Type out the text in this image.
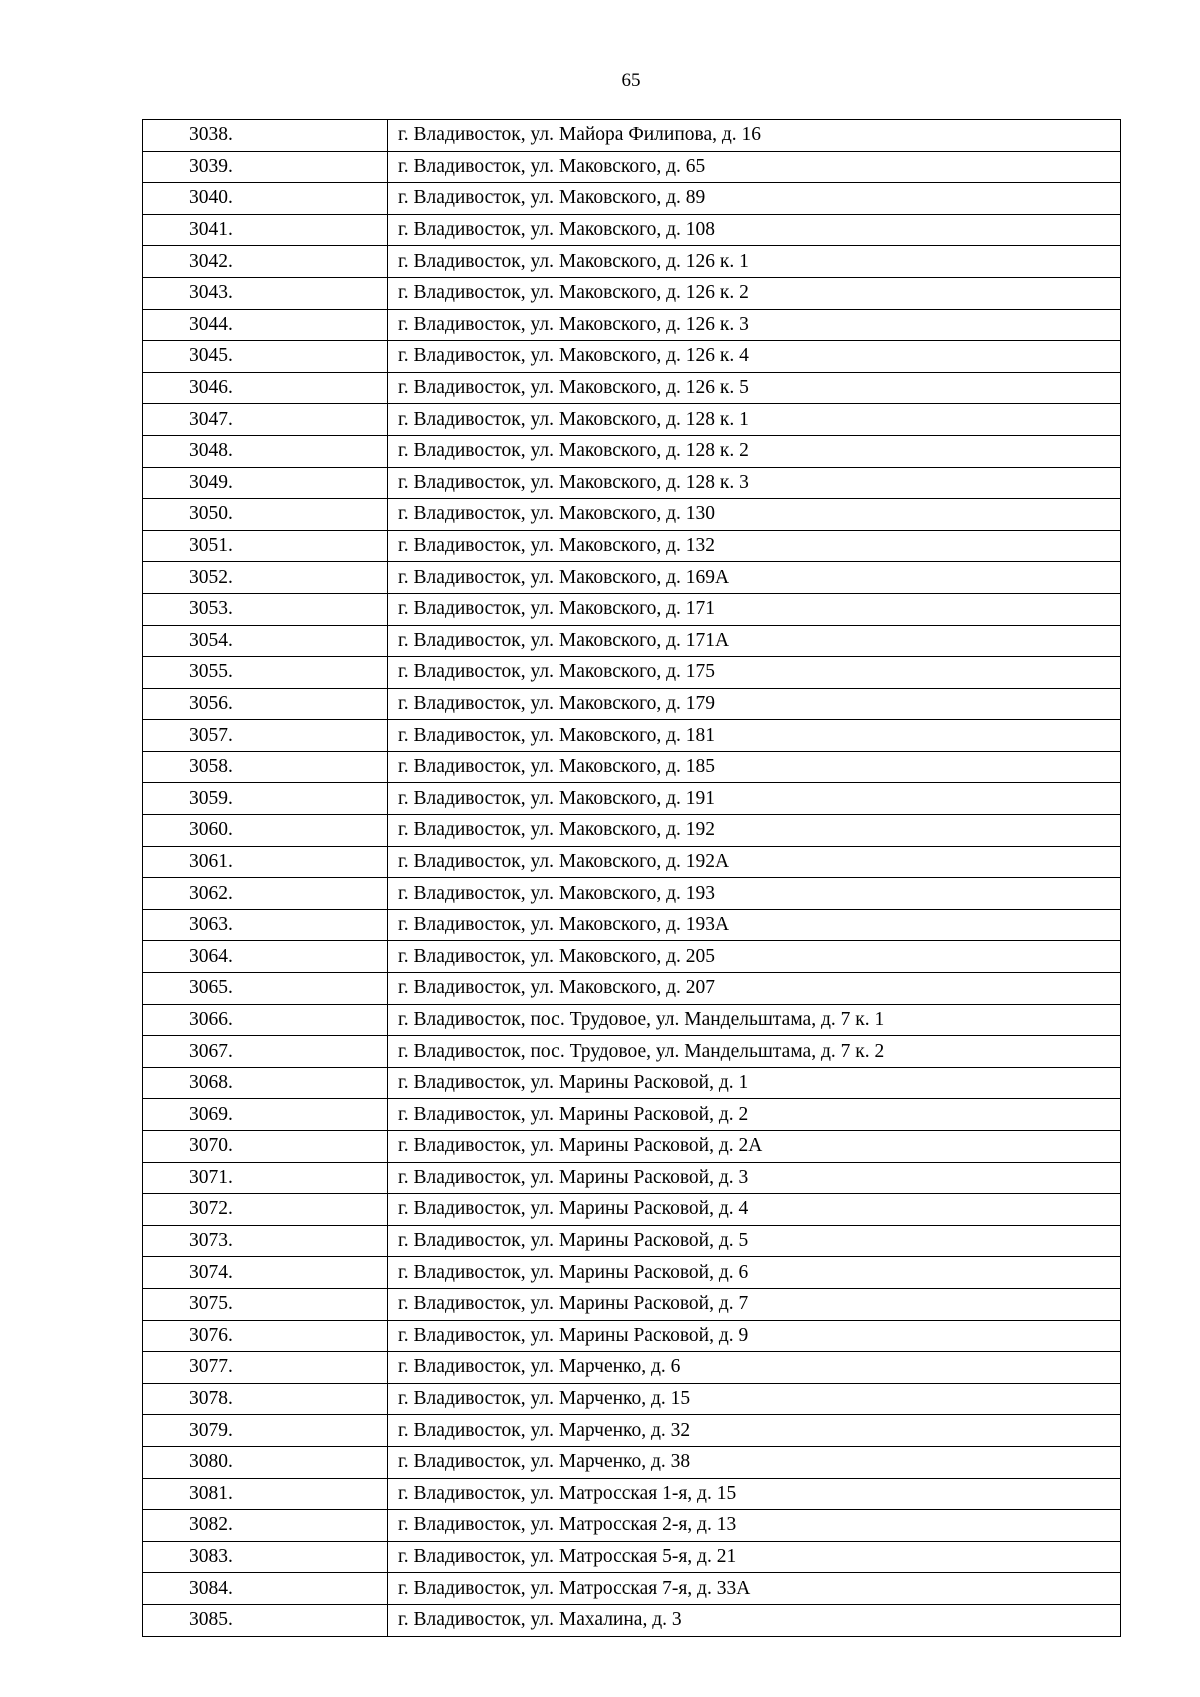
65
3038.	г. Владивосток, ул. Майора Филипова, д. 16
3039.	г. Владивосток, ул. Маковского, д. 65
3040.	г. Владивосток, ул. Маковского, д. 89
3041.	г. Владивосток, ул. Маковского, д. 108
3042.	г. Владивосток, ул. Маковского, д. 126 к. 1
3043.	г. Владивосток, ул. Маковского, д. 126 к. 2
3044.	г. Владивосток, ул. Маковского, д. 126 к. 3
3045.	г. Владивосток, ул. Маковского, д. 126 к. 4
3046.	г. Владивосток, ул. Маковского, д. 126 к. 5
3047.	г. Владивосток, ул. Маковского, д. 128 к. 1
3048.	г. Владивосток, ул. Маковского, д. 128 к. 2
3049.	г. Владивосток, ул. Маковского, д. 128 к. 3
3050.	г. Владивосток, ул. Маковского, д. 130
3051.	г. Владивосток, ул. Маковского, д. 132
3052.	г. Владивосток, ул. Маковского, д. 169А
3053.	г. Владивосток, ул. Маковского, д. 171
3054.	г. Владивосток, ул. Маковского, д. 171А
3055.	г. Владивосток, ул. Маковского, д. 175
3056.	г. Владивосток, ул. Маковского, д. 179
3057.	г. Владивосток, ул. Маковского, д. 181
3058.	г. Владивосток, ул. Маковского, д. 185
3059.	г. Владивосток, ул. Маковского, д. 191
3060.	г. Владивосток, ул. Маковского, д. 192
3061.	г. Владивосток, ул. Маковского, д. 192А
3062.	г. Владивосток, ул. Маковского, д. 193
3063.	г. Владивосток, ул. Маковского, д. 193А
3064.	г. Владивосток, ул. Маковского, д. 205
3065.	г. Владивосток, ул. Маковского, д. 207
3066.	г. Владивосток, пос. Трудовое, ул. Мандельштама, д. 7 к. 1
3067.	г. Владивосток, пос. Трудовое, ул. Мандельштама, д. 7 к. 2
3068.	г. Владивосток, ул. Марины Расковой, д. 1
3069.	г. Владивосток, ул. Марины Расковой, д. 2
3070.	г. Владивосток, ул. Марины Расковой, д. 2А
3071.	г. Владивосток, ул. Марины Расковой, д. 3
3072.	г. Владивосток, ул. Марины Расковой, д. 4
3073.	г. Владивосток, ул. Марины Расковой, д. 5
3074.	г. Владивосток, ул. Марины Расковой, д. 6
3075.	г. Владивосток, ул. Марины Расковой, д. 7
3076.	г. Владивосток, ул. Марины Расковой, д. 9
3077.	г. Владивосток, ул. Марченко, д. 6
3078.	г. Владивосток, ул. Марченко, д. 15
3079.	г. Владивосток, ул. Марченко, д. 32
3080.	г. Владивосток, ул. Марченко, д. 38
3081.	г. Владивосток, ул. Матросская 1-я, д. 15
3082.	г. Владивосток, ул. Матросская 2-я, д. 13
3083.	г. Владивосток, ул. Матросская 5-я, д. 21
3084.	г. Владивосток, ул. Матросская 7-я, д. 33А
3085.	г. Владивосток, ул. Махалина, д. 3
